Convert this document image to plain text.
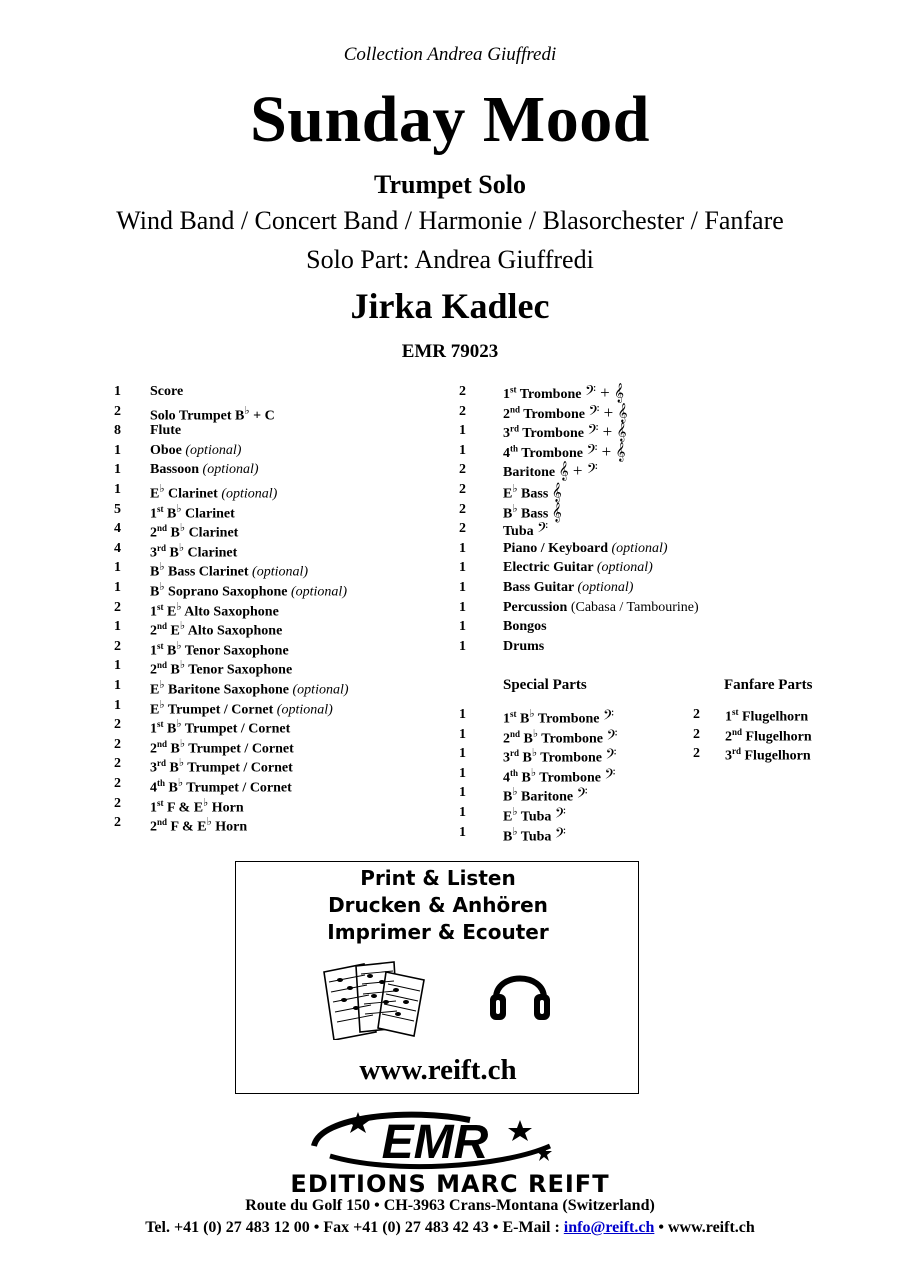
Collection Andrea Giuffredi
Sunday Mood
Trumpet Solo
Wind Band / Concert Band / Harmonie / Blasorchester / Fanfare
Solo Part: Andrea Giuffredi
Jirka Kadlec
EMR 79023
1 Score
2 Solo Trumpet B♭ + C
8 Flute
1 Oboe (optional)
1 Bassoon (optional)
1 E♭ Clarinet (optional)
5 1st B♭ Clarinet
4 2nd B♭ Clarinet
4 3rd B♭ Clarinet
1 B♭ Bass Clarinet (optional)
1 B♭ Soprano Saxophone (optional)
2 1st E♭ Alto Saxophone
1 2nd E♭ Alto Saxophone
2 1st B♭ Tenor Saxophone
1 2nd B♭ Tenor Saxophone
1 E♭ Baritone Saxophone (optional)
1 E♭ Trumpet / Cornet (optional)
2 1st B♭ Trumpet / Cornet
2 2nd B♭ Trumpet / Cornet
2 3rd B♭ Trumpet / Cornet
2 4th B♭ Trumpet / Cornet
2 1st F & E♭ Horn
2 2nd F & E♭ Horn
2	1st Trombone 𝄢 + 𝄞
2	2nd Trombone 𝄢 + 𝄞
1	3rd Trombone 𝄢 + 𝄞
1	4th Trombone 𝄢 + 𝄞
2	Baritone 𝄞 + 𝄢
2	E♭ Bass 𝄞
2	B♭ Bass 𝄞
2	Tuba 𝄢
1	Piano / Keyboard (optional)
1	Electric Guitar (optional)
1	Bass Guitar (optional)
1	Percussion (Cabasa / Tambourine)
1	Bongos
1	Drums
Special Parts
1	1st B♭ Trombone 𝄢
1	2nd B♭ Trombone 𝄢
1	3rd B♭ Trombone 𝄢
1	4th B♭ Trombone 𝄢
1	B♭ Baritone 𝄢
1	E♭ Tuba 𝄢
1	B♭ Tuba 𝄢
Fanfare Parts
2 1st Flugelhorn
2 2nd Flugelhorn
2 3rd Flugelhorn
Print & Listen
Drucken & Anhören
Imprimer & Ecouter
www.reift.ch
EMR
EDITIONS MARC REIFT
Route du Golf 150 • CH-3963 Crans-Montana (Switzerland)
Tel. +41 (0) 27 483 12 00 • Fax +41 (0) 27 483 42 43 • E-Mail : info@reift.ch • www.reift.ch
